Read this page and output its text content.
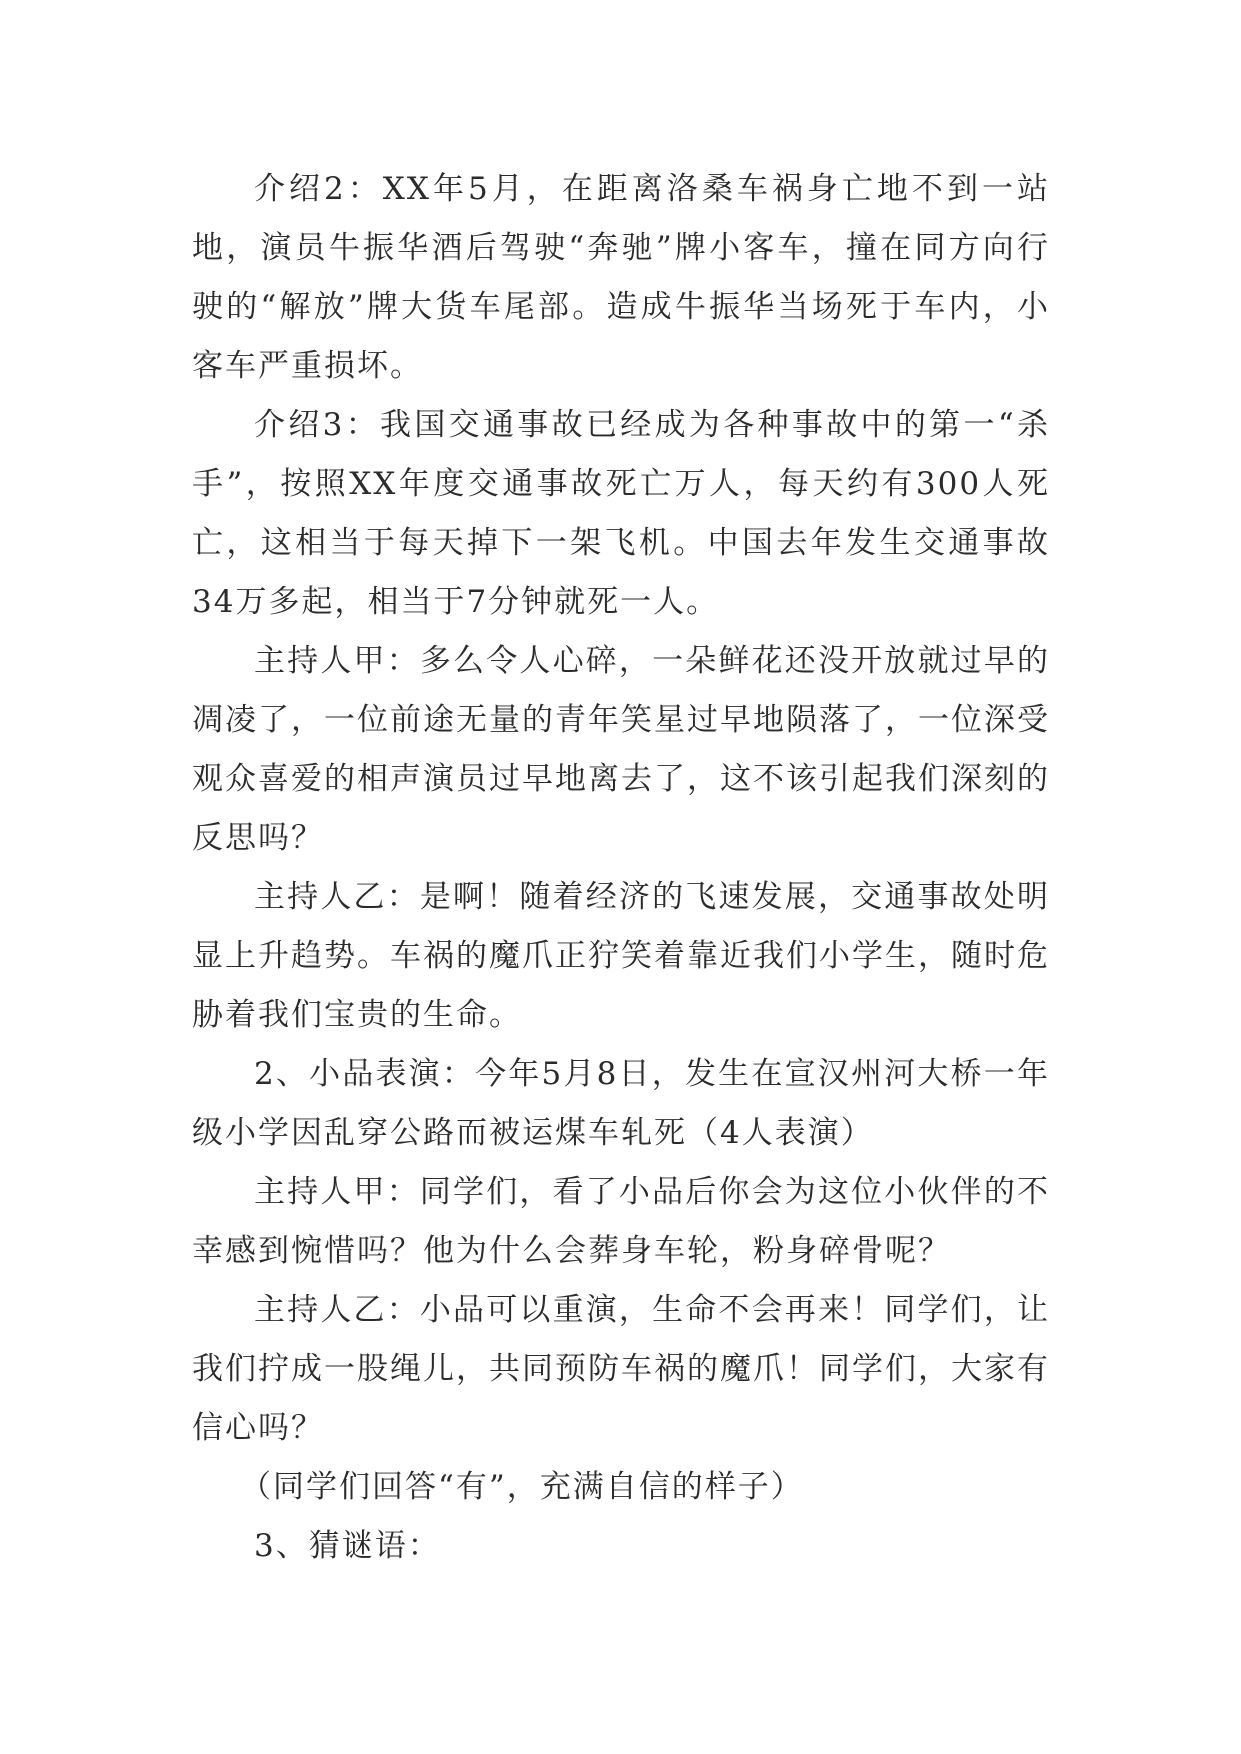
介绍2：XX年5月，在距离洛桑车祸身亡地不到一站地，演员牛振华酒后驾驶“奔驰”牌小客车，撞在同方向行驶的“解放”牌大货车尾部。造成牛振华当场死于车内，小客车严重损坏。

介绍3：我国交通事故已经成为各种事故中的第一“杀手”，按照XX年度交通事故死亡万人，每天约有300人死亡，这相当于每天掉下一架飞机。中国去年发生交通事故34万多起，相当于7分钟就死一人。

主持人甲：多么令人心碎，一朵鲜花还没开放就过早的凋凌了，一位前途无量的青年笑星过早地陨落了，一位深受观众喜爱的相声演员过早地离去了，这不该引起我们深刻的反思吗？

主持人乙：是啊！随着经济的飞速发展，交通事故处明显上升趋势。车祸的魔爪正狞笑着靠近我们小学生，随时危胁着我们宝贵的生命。

2、小品表演：今年5月8日，发生在宣汉州河大桥一年级小学因乱穿公路而被运煤车轧死（4人表演）

主持人甲：同学们，看了小品后你会为这位小伙伴的不幸感到惋惜吗？他为什么会葬身车轮，粉身碎骨呢？

主持人乙：小品可以重演，生命不会再来！同学们，让我们拧成一股绳儿，共同预防车祸的魔爪！同学们，大家有信心吗？

（同学们回答“有”，充满自信的样子）

3、猜谜语：
